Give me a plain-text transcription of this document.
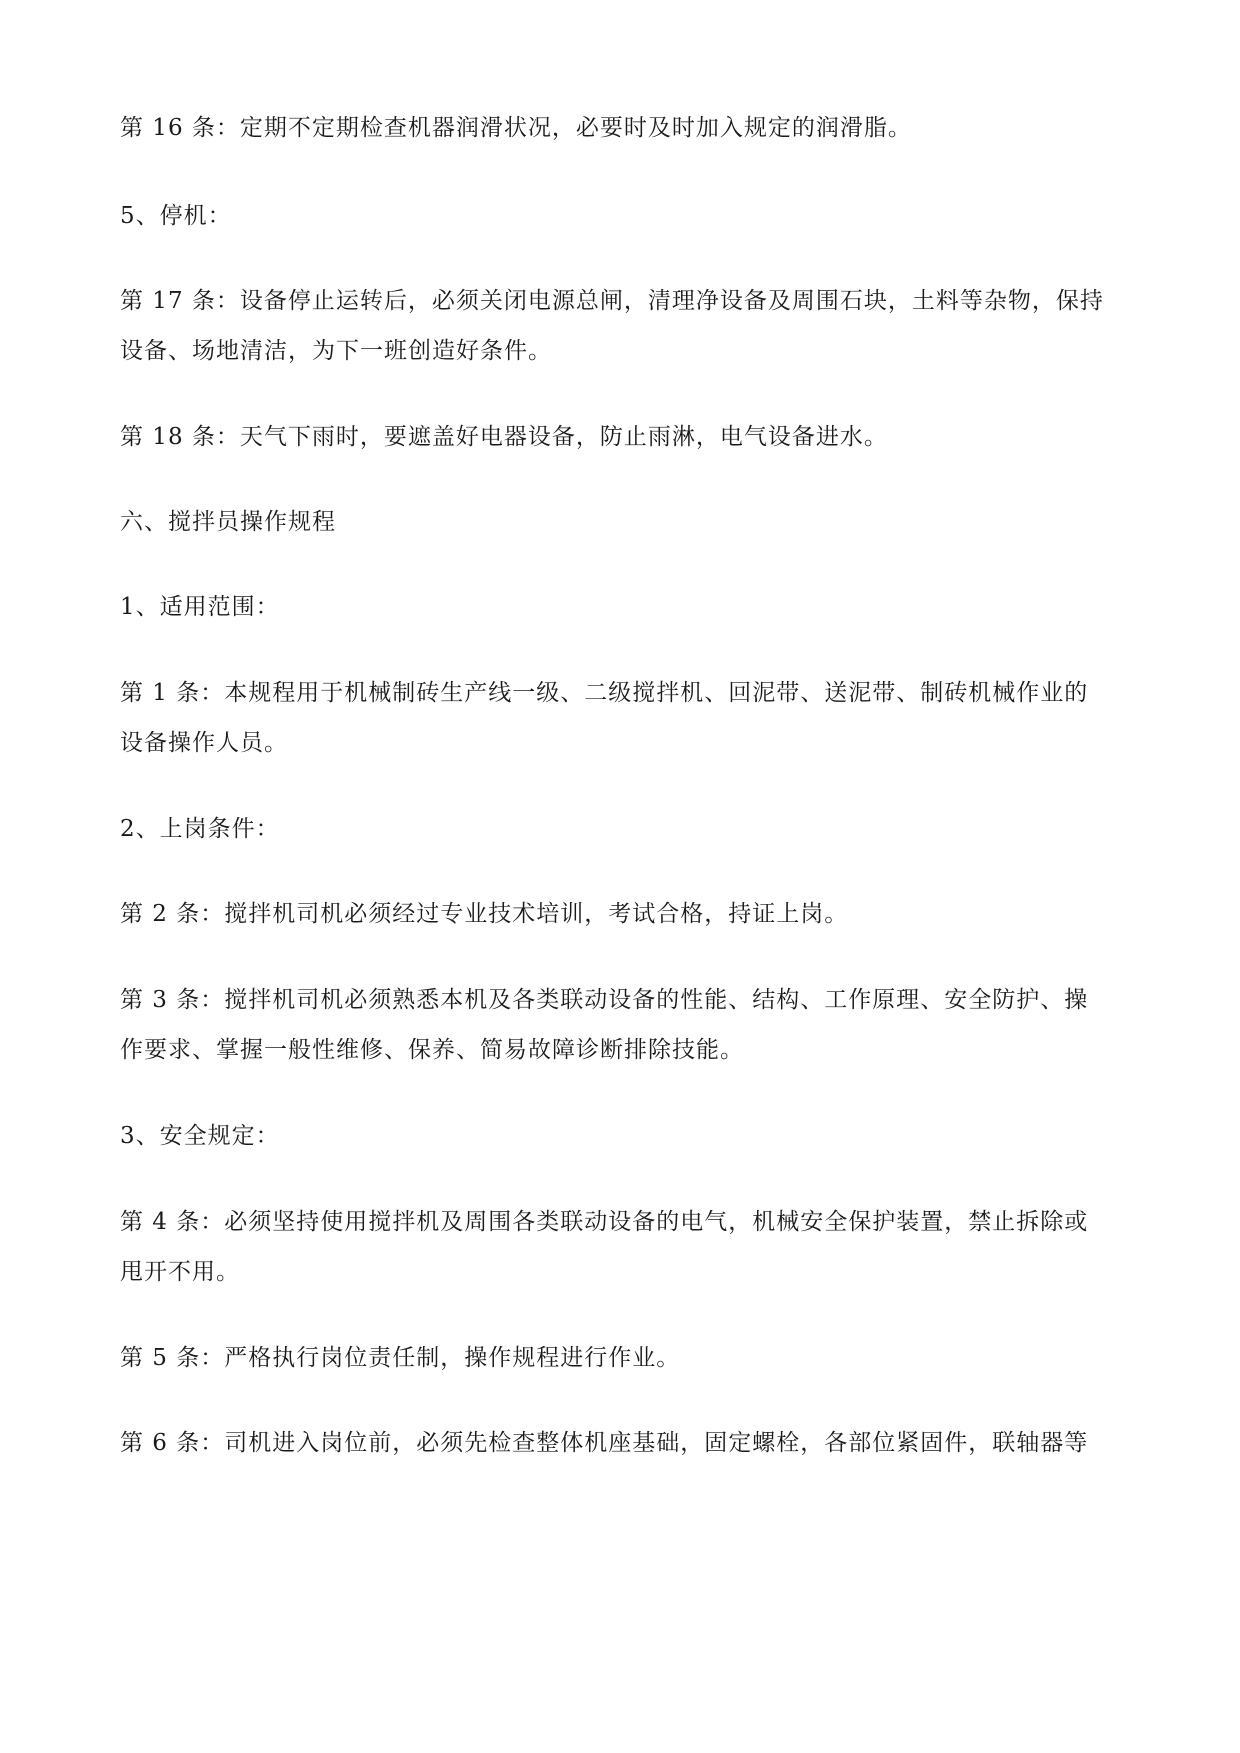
第 16 条：定期不定期检查机器润滑状况，必要时及时加入规定的润滑脂。

5、停机：

第 17 条：设备停止运转后，必须关闭电源总闸，清理净设备及周围石块，土料等杂物，保持
设备、场地清洁，为下一班创造好条件。

第 18 条：天气下雨时，要遮盖好电器设备，防止雨淋，电气设备进水。

六、搅拌员操作规程

1、适用范围：

第 1 条：本规程用于机械制砖生产线一级、二级搅拌机、回泥带、送泥带、制砖机械作业的
设备操作人员。

2、上岗条件：

第 2 条：搅拌机司机必须经过专业技术培训，考试合格，持证上岗。

第 3 条：搅拌机司机必须熟悉本机及各类联动设备的性能、结构、工作原理、安全防护、操
作要求、掌握一般性维修、保养、简易故障诊断排除技能。

3、安全规定：

第 4 条：必须坚持使用搅拌机及周围各类联动设备的电气，机械安全保护装置，禁止拆除或
甩开不用。

第 5 条：严格执行岗位责任制，操作规程进行作业。

第 6 条：司机进入岗位前，必须先检查整体机座基础，固定螺栓，各部位紧固件，联轴器等
